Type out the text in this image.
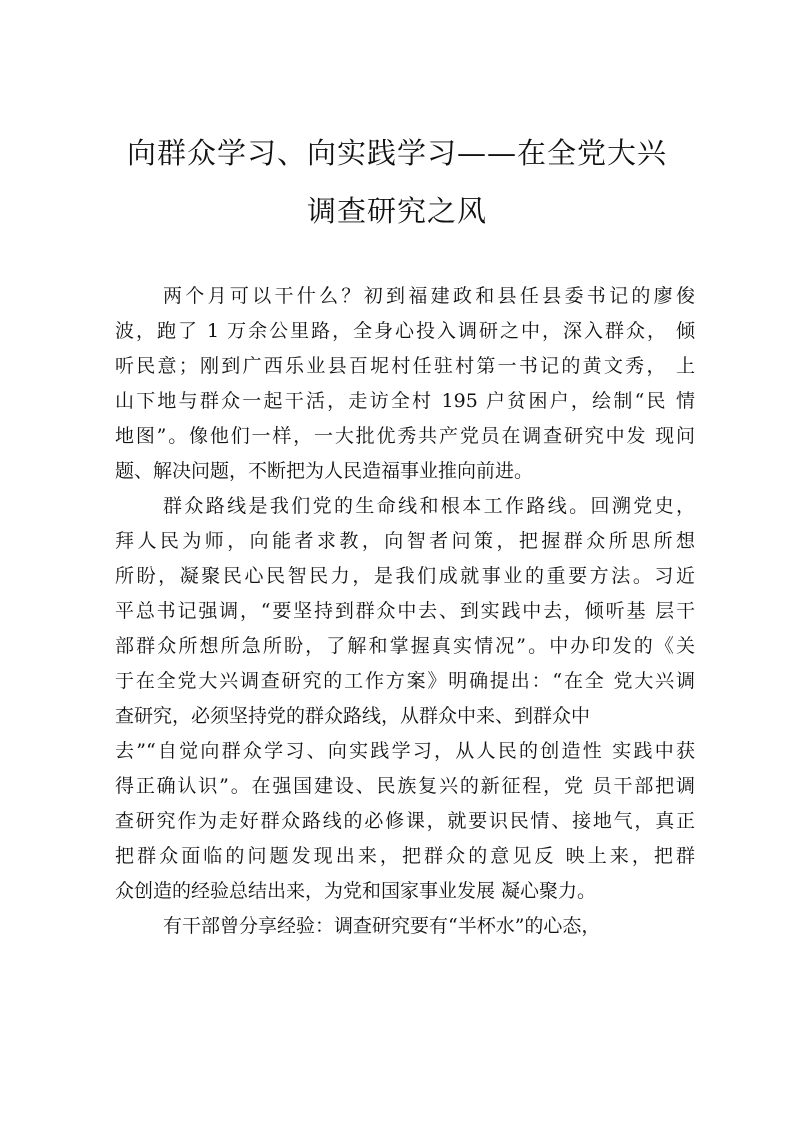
向群众学习、向实践学习——在全党大兴
调查研究之风
两个月可以干什么？初到福建政和县任县委书记的廖俊
波，跑了 1 万余公里路，全身心投入调研之中，深入群众， 倾
听民意；刚到广西乐业县百坭村任驻村第一书记的黄文秀， 上
山下地与群众一起干活，走访全村 195 户贫困户，绘制“民 情
地图”。像他们一样，一大批优秀共产党员在调查研究中发 现问
题、解决问题，不断把为人民造福事业推向前进。
群众路线是我们党的生命线和根本工作路线。回溯党史，
拜人民为师，向能者求教，向智者问策，把握群众所思所想
所盼，凝聚民心民智民力，是我们成就事业的重要方法。习近
平总书记强调，“要坚持到群众中去、到实践中去，倾听基 层干
部群众所想所急所盼，了解和掌握真实情况”。中办印发的《关
于在全党大兴调查研究的工作方案》明确提出：“在全 党大兴调
查研究，必须坚持党的群众路线，从群众中来、到群众中
去”“自觉向群众学习、向实践学习，从人民的创造性 实践中获
得正确认识”。在强国建设、民族复兴的新征程，党 员干部把调
查研究作为走好群众路线的必修课，就要识民情、接地气，真正
把群众面临的问题发现出来，把群众的意见反 映上来，把群
众创造的经验总结出来，为党和国家事业发展 凝心聚力。
有干部曾分享经验：调查研究要有“半杯水”的心态，
